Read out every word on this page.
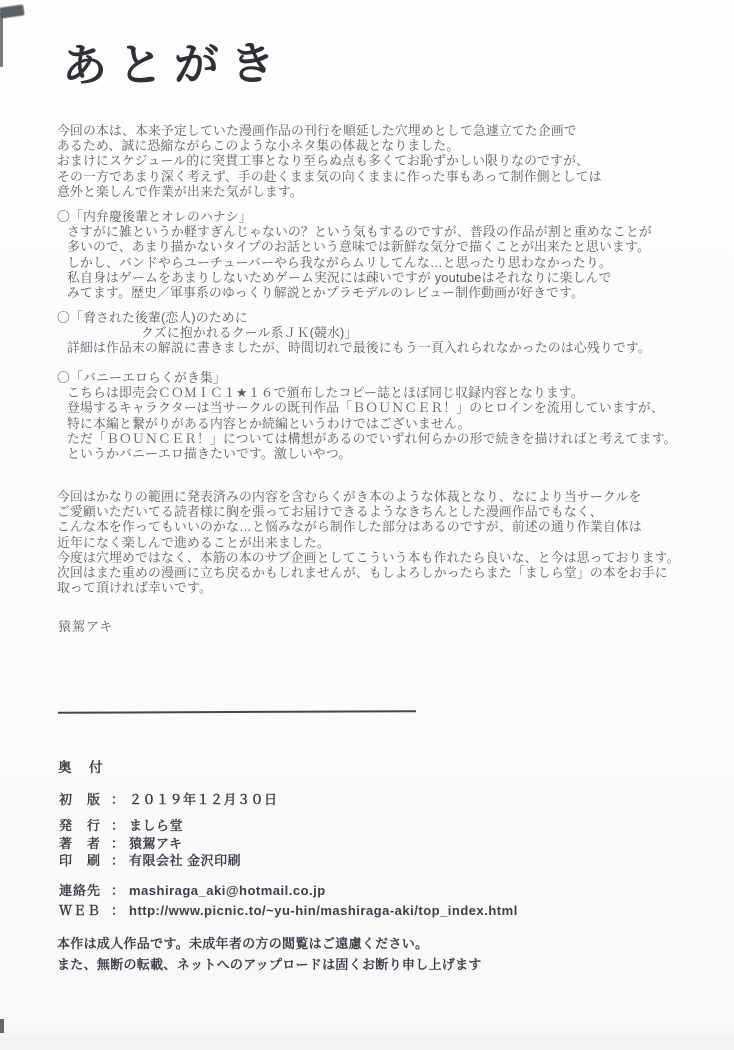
あとがき
今回の本は、本来予定していた漫画作品の刊行を順延した穴埋めとして急遽立てた企画で
あるため、誠に恐縮ながらこのような小ネタ集の体裁となりました。
おまけにスケジュール的に突貫工事となり至らぬ点も多くてお恥ずかしい限りなのですが、
その一方であまり深く考えず、手の赴くまま気の向くままに作った事もあって制作側としては
意外と楽しんで作業が出来た気がします。
〇「内弁慶後輩とオレのハナシ」
さすがに雑というか軽すぎんじゃないの？という気もするのですが、普段の作品が割と重めなことが
多いので、あまり描かないタイプのお話という意味では新鮮な気分で描くことが出来たと思います。
しかし、バンドやらユーチューバーやら我ながらムリしてんな…と思ったり思わなかったり。
私自身はゲームをあまりしないためゲーム実況には疎いですが youtubeはそれなりに楽しんで
みてます。歴史／軍事系のゆっくり解説とかプラモデルのレビュー制作動画が好きです。
〇「脅された後輩(恋人)のために
クズに抱かれるクール系ＪＫ(競水)」
詳細は作品末の解説に書きましたが、時間切れで最後にもう一頁入れられなかったのは心残りです。
〇「バニーエロらくがき集」
こちらは即売会ＣＯＭＩＣ１★１６で頒布したコピー誌とほぼ同じ収録内容となります。
登場するキャラクターは当サークルの既刊作品「ＢＯＵＮＣＥＲ！」のヒロインを流用していますが、
特に本編と繋がりがある内容とか続編というわけではございません。
ただ「ＢＯＵＮＣＥＲ！」については構想があるのでいずれ何らかの形で続きを描ければと考えてます。
というかバニーエロ描きたいです。激しいやつ。
今回はかなりの範囲に発表済みの内容を含むらくがき本のような体裁となり、なにより当サークルを
ご愛顧いただいてる読者様に胸を張ってお届けできるようなきちんとした漫画作品でもなく、
こんな本を作ってもいいのかな…と悩みながら制作した部分はあるのですが、前述の通り作業自体は
近年になく楽しんで進めることが出来ました。
今度は穴埋めではなく、本筋の本のサブ企画としてこういう本も作れたら良いな、と今は思っております。
次回はまた重めの漫画に立ち戻るかもしれませんが、もしよろしかったらまた「ましら堂」の本をお手に
取って頂ければ幸いです。
猿駕アキ
奥　付
初　版 ： ２０１９年１２月３０日
発　行 ： ましら堂
著　者 ： 猿駕アキ
印　刷 ： 有限会社 金沢印刷
連絡先 ： mashiraga_aki@hotmail.co.jp
ＷＥＢ ： http://www.picnic.to/~yu-hin/mashiraga-aki/top_index.html
本作は成人作品です。未成年者の方の閲覧はご遠慮ください。
また、無断の転載、ネットへのアップロードは固くお断り申し上げます
